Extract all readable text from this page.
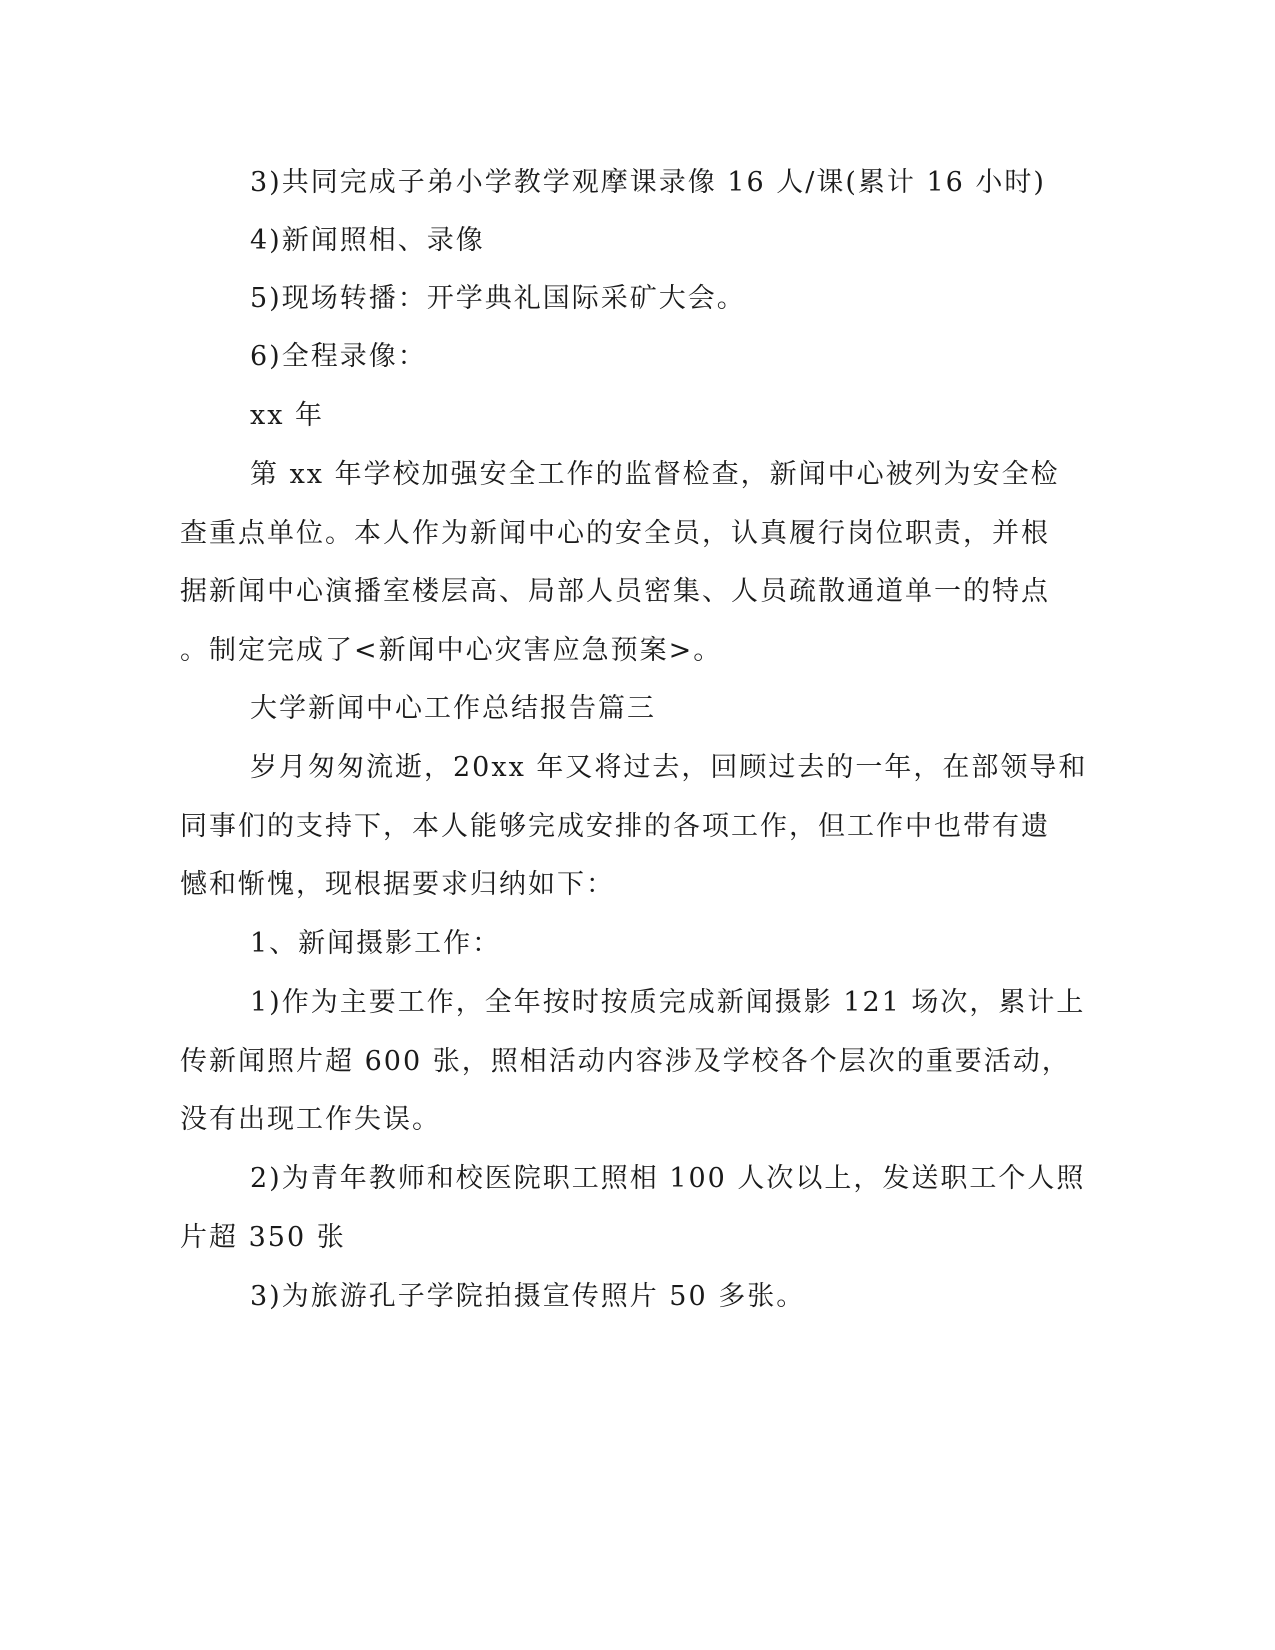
3)共同完成子弟小学教学观摩课录像 16 人/课(累计 16 小时)
4)新闻照相、录像
5)现场转播：开学典礼国际采矿大会。
6)全程录像：
xx 年
第 xx 年学校加强安全工作的监督检查，新闻中心被列为安全检
查重点单位。本人作为新闻中心的安全员，认真履行岗位职责，并根
据新闻中心演播室楼层高、局部人员密集、人员疏散通道单一的特点
。制定完成了<新闻中心灾害应急预案>。
大学新闻中心工作总结报告篇三
岁月匆匆流逝，20xx 年又将过去，回顾过去的一年，在部领导和
同事们的支持下，本人能够完成安排的各项工作，但工作中也带有遗
憾和惭愧，现根据要求归纳如下：
1、新闻摄影工作：
1)作为主要工作，全年按时按质完成新闻摄影 121 场次，累计上
传新闻照片超 600 张，照相活动内容涉及学校各个层次的重要活动，
没有出现工作失误。
2)为青年教师和校医院职工照相 100 人次以上，发送职工个人照
片超 350 张
3)为旅游孔子学院拍摄宣传照片 50 多张。
